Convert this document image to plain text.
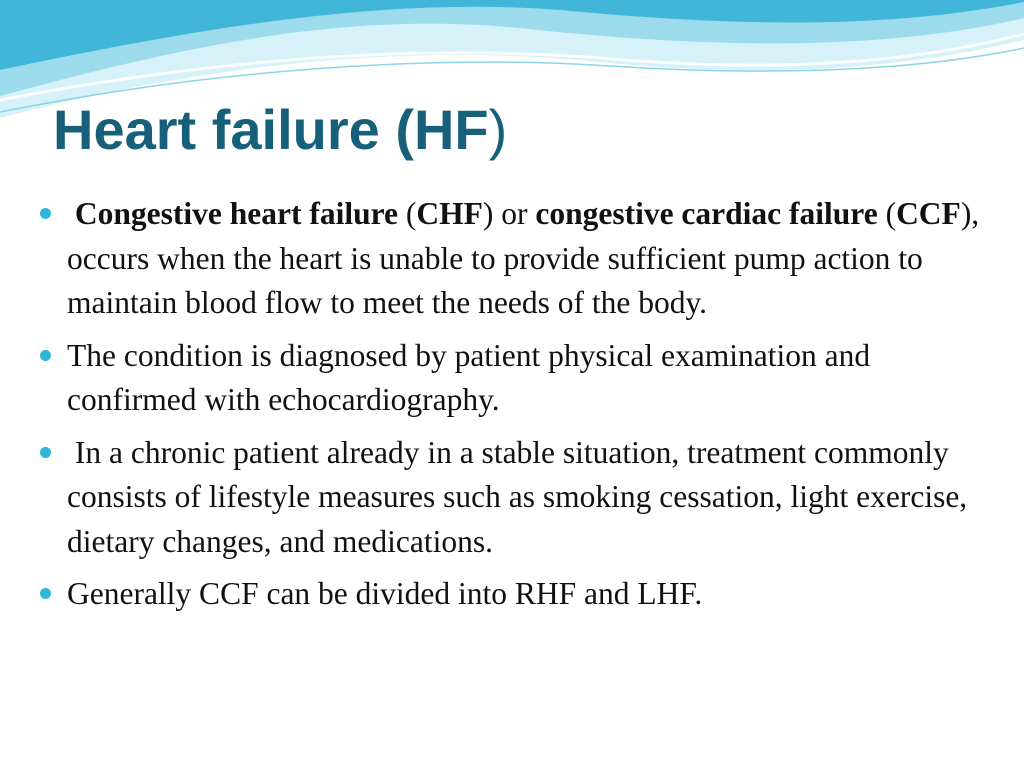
Heart failure (HF)
Congestive heart failure (CHF) or congestive cardiac failure (CCF), occurs when the heart is unable to provide sufficient pump action to maintain blood flow to meet the needs of the body.
The condition is diagnosed by patient physical examination and confirmed with echocardiography.
In a chronic patient already in a stable situation, treatment commonly consists of lifestyle measures such as smoking cessation, light exercise, dietary changes, and medications.
Generally CCF can be divided into RHF and LHF.
